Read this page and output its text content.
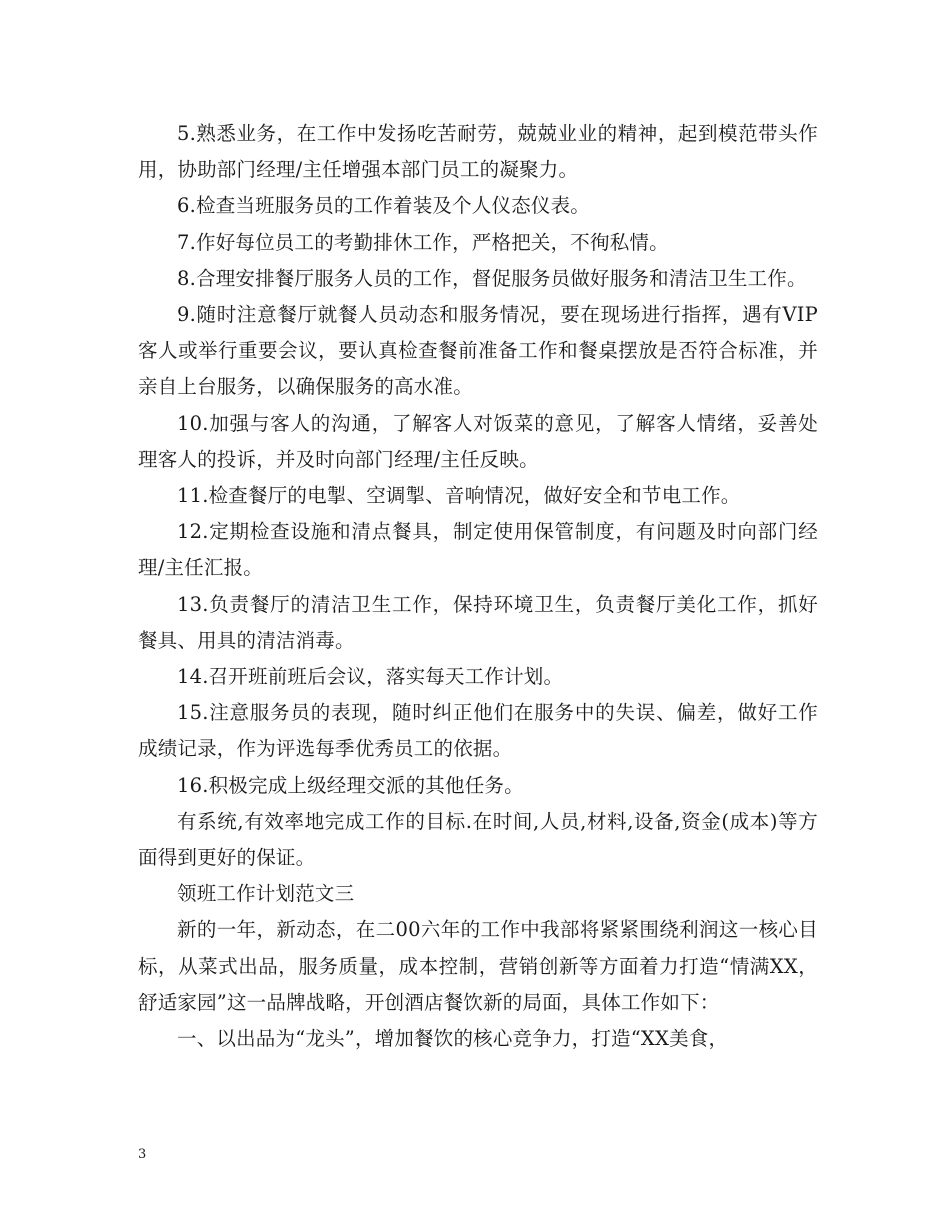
5.熟悉业务，在工作中发扬吃苦耐劳，兢兢业业的精神，起到模范带头作用，协助部门经理/主任增强本部门员工的凝聚力。

6.检查当班服务员的工作着装及个人仪态仪表。

7.作好每位员工的考勤排休工作，严格把关，不徇私情。

8.合理安排餐厅服务人员的工作，督促服务员做好服务和清洁卫生工作。

9.随时注意餐厅就餐人员动态和服务情况，要在现场进行指挥，遇有VIP客人或举行重要会议，要认真检查餐前准备工作和餐桌摆放是否符合标准，并亲自上台服务，以确保服务的高水准。

10.加强与客人的沟通，了解客人对饭菜的意见，了解客人情绪，妥善处理客人的投诉，并及时向部门经理/主任反映。

11.检查餐厅的电掣、空调掣、音响情况，做好安全和节电工作。

12.定期检查设施和清点餐具，制定使用保管制度，有问题及时向部门经理/主任汇报。

13.负责餐厅的清洁卫生工作，保持环境卫生，负责餐厅美化工作，抓好餐具、用具的清洁消毒。

14.召开班前班后会议，落实每天工作计划。

15.注意服务员的表现，随时纠正他们在服务中的失误、偏差，做好工作成绩记录，作为评选每季优秀员工的依据。

16.积极完成上级经理交派的其他任务。

有系统,有效率地完成工作的目标.在时间,人员,材料,设备,资金(成本)等方面得到更好的保证。

领班工作计划范文三

新的一年，新动态，在二00六年的工作中我部将紧紧围绕利润这一核心目标，从菜式出品，服务质量，成本控制，营销创新等方面着力打造“情满XX，舒适家园”这一品牌战略，开创酒店餐饮新的局面，具体工作如下：

一、以出品为“龙头”，增加餐饮的核心竞争力，打造“XX美食，

3
